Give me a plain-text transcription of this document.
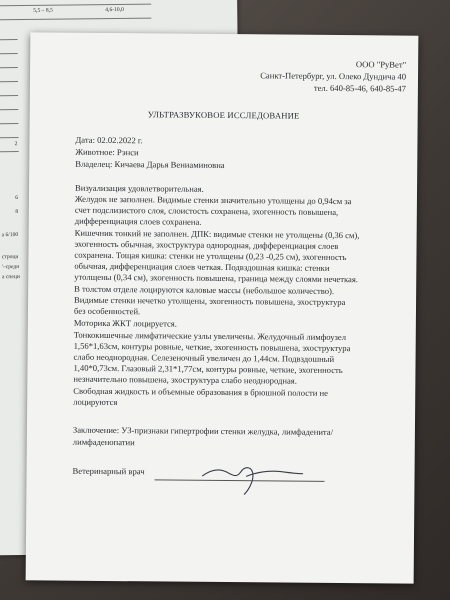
5,5 – 8,5	4,6-10,0
2
6
8
а 6/100
строци
'–средн
а специ
ООО "РуВет"
Санкт-Петербург, ул. Олеко Дундича 40
тел. 640-85-46, 640-85-47
УЛЬТРАЗВУКОВОЕ ИССЛЕДОВАНИЕ
Дата: 02.02.2022 г.
Животное: Рэнси
Владелец: Кичаева Дарья Вениаминовна
Визуализация удовлетворительная.
Желудок не заполнен. Видимые стенки значительно утолщены до 0,94см за
счет подслизистого слоя, слоистость сохранена, эхогенность повышена,
дифференциация слоев сохранена.
Кишечник тонкий не заполнен. ДПК: видимые стенки не утолщены (0,36 см),
эхогенность обычная, эхоструктура однородная, дифференциация слоев
сохранена. Тощая кишка: стенки не утолщены (0,23 -0,25 см), эхогенность
обычная, дифференциация слоев четкая. Подвздошная кишка: стенки
утолщены (0,34 см), эхогенность повышена, граница между слоями нечеткая.
В толстом отделе лоцируются каловые массы (небольшое количество).
Видимые стенки нечетко утолщены, эхогенность повышена, эхоструктура
без особенностей.
Моторика ЖКТ лоцируется.
Тонкокишечные лимфатические узлы увеличены. Желудочный лимфоузел
1,56*1,63см, контуры ровные, четкие, эхогенность повышена, эхоструктура
слабо неоднородная. Селезеночный увеличен до 1,44см. Подвздошный
1,40*0,73см. Глазовый 2,31*1,77см, контуры ровные, четкие, эхогенность
незначительно повышена, эхоструктура слабо неоднородная.
Свободная жидкость и объемные образования в брюшной полости не
лоцируются
Заключение: УЗ-признаки гипертрофии стенки желудка, лимфаденита/
лимфаденопатии
Ветеринарный врач
